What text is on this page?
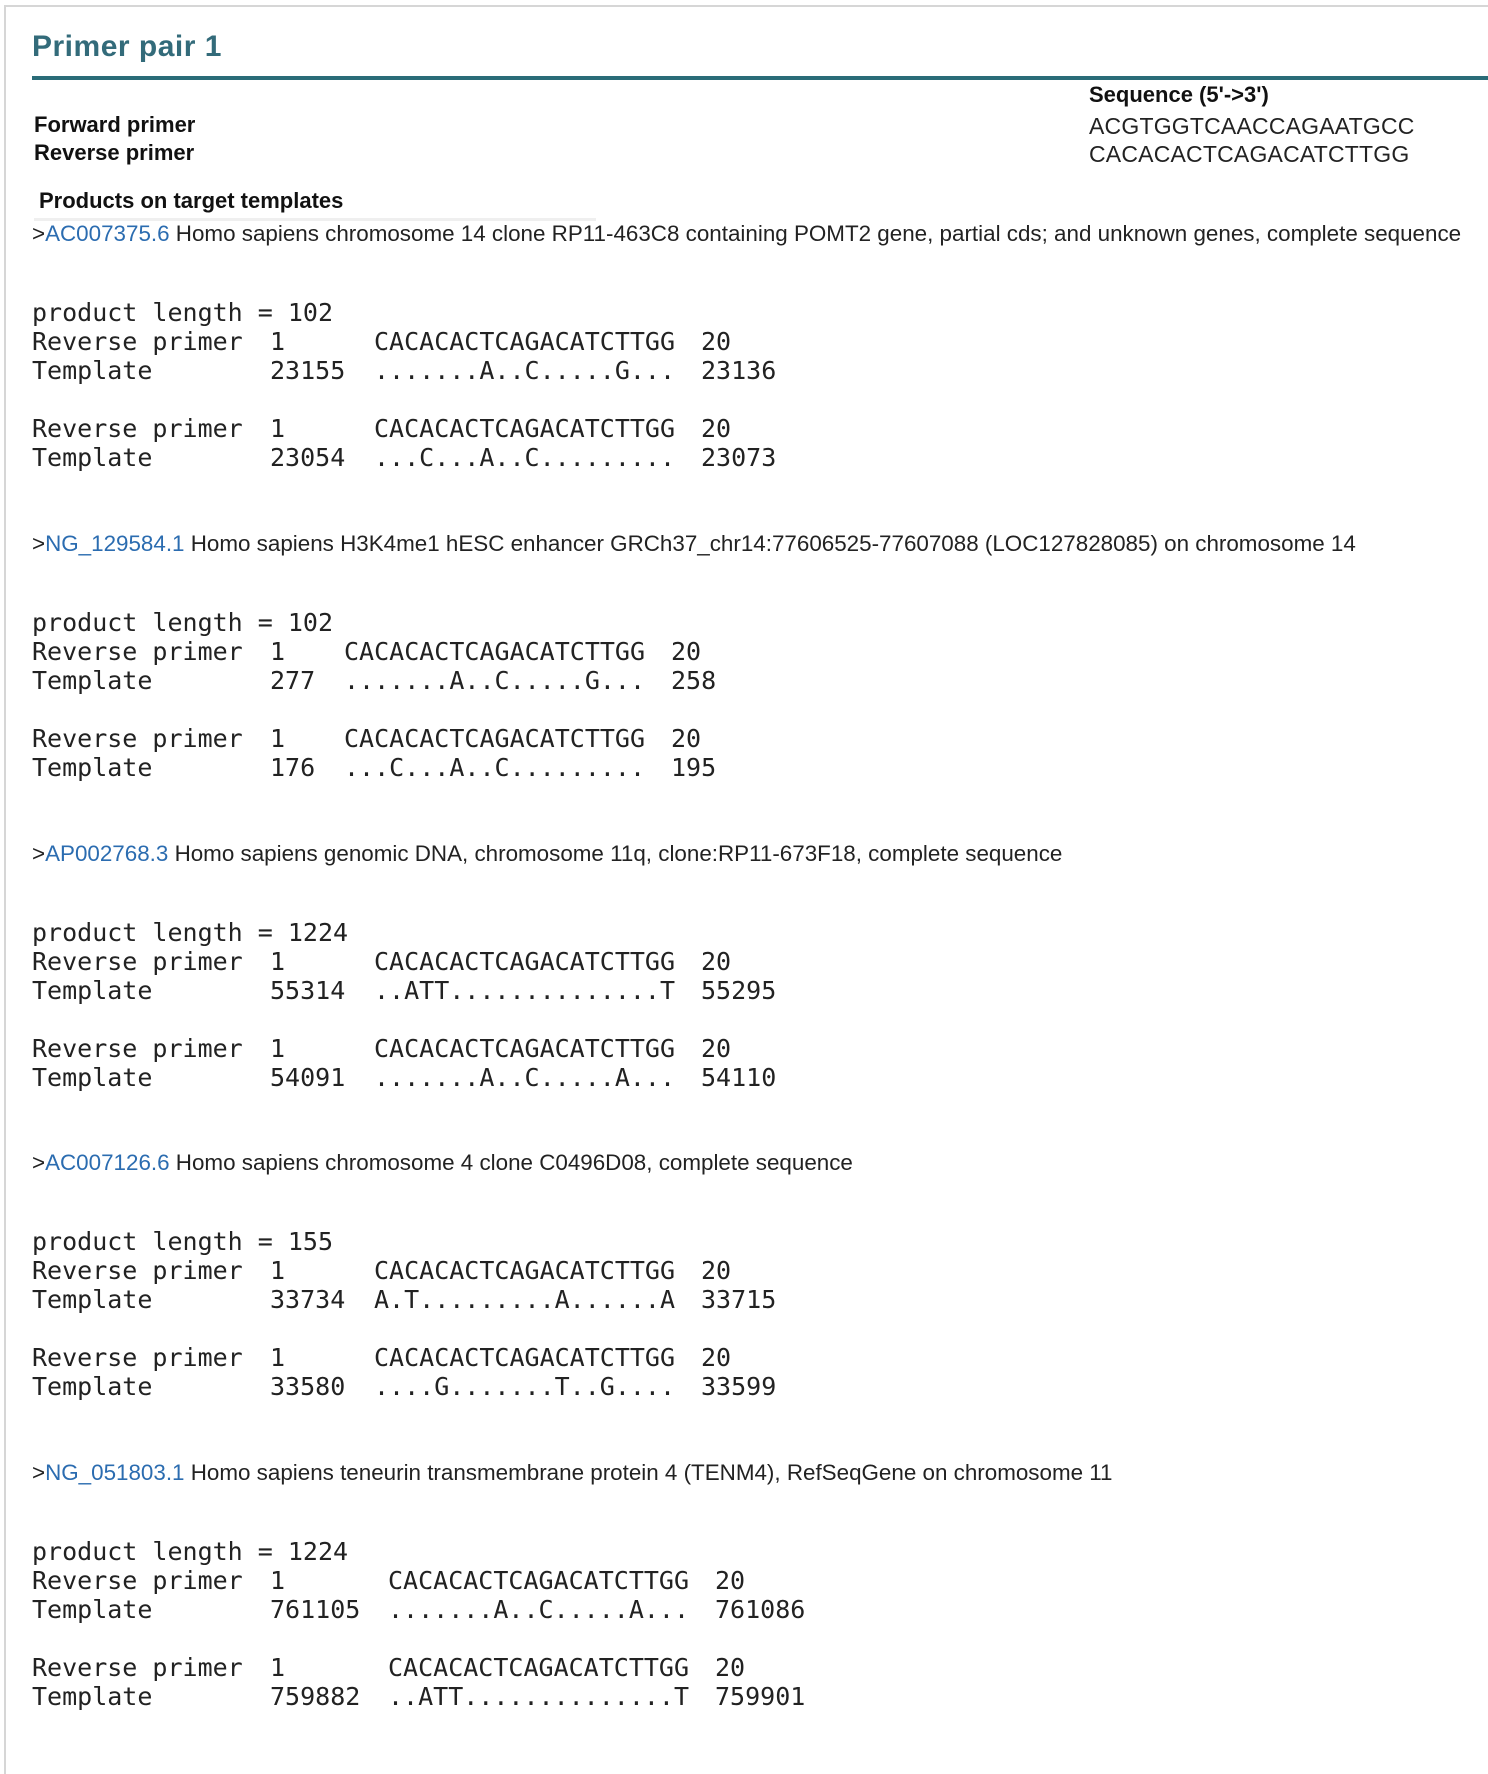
Primer pair 1
Sequence (5'->3')
Forward primer	ACGTGGTCAACCAGAATGCC
Reverse primer	CACACACTCAGACATCTTGG
Products on target templates
>AC007375.6 Homo sapiens chromosome 14 clone RP11-463C8 containing POMT2 gene, partial cds; and unknown genes, complete sequence
product length = 102
Reverse primer	1	CACACACTCAGACATCTTGG	20
Template	23155	.......A..C.....G...	23136
Reverse primer	1	CACACACTCAGACATCTTGG	20
Template	23054	...C...A..C.........	23073
>NG_129584.1 Homo sapiens H3K4me1 hESC enhancer GRCh37_chr14:77606525-77607088 (LOC127828085) on chromosome 14
product length = 102
Reverse primer	1	CACACACTCAGACATCTTGG	20
Template	277	.......A..C.....G...	258
Reverse primer	1	CACACACTCAGACATCTTGG	20
Template	176	...C...A..C.........	195
>AP002768.3 Homo sapiens genomic DNA, chromosome 11q, clone:RP11-673F18, complete sequence
product length = 1224
Reverse primer	1	CACACACTCAGACATCTTGG	20
Template	55314	..ATT..............T	55295
Reverse primer	1	CACACACTCAGACATCTTGG	20
Template	54091	.......A..C.....A...	54110
>AC007126.6 Homo sapiens chromosome 4 clone C0496D08, complete sequence
product length = 155
Reverse primer	1	CACACACTCAGACATCTTGG	20
Template	33734	A.T.........A......A	33715
Reverse primer	1	CACACACTCAGACATCTTGG	20
Template	33580	....G.......T..G....	33599
>NG_051803.1 Homo sapiens teneurin transmembrane protein 4 (TENM4), RefSeqGene on chromosome 11
product length = 1224
Reverse primer	1	CACACACTCAGACATCTTGG	20
Template	761105	.......A..C.....A...	761086
Reverse primer	1	CACACACTCAGACATCTTGG	20
Template	759882	..ATT..............T	759901
